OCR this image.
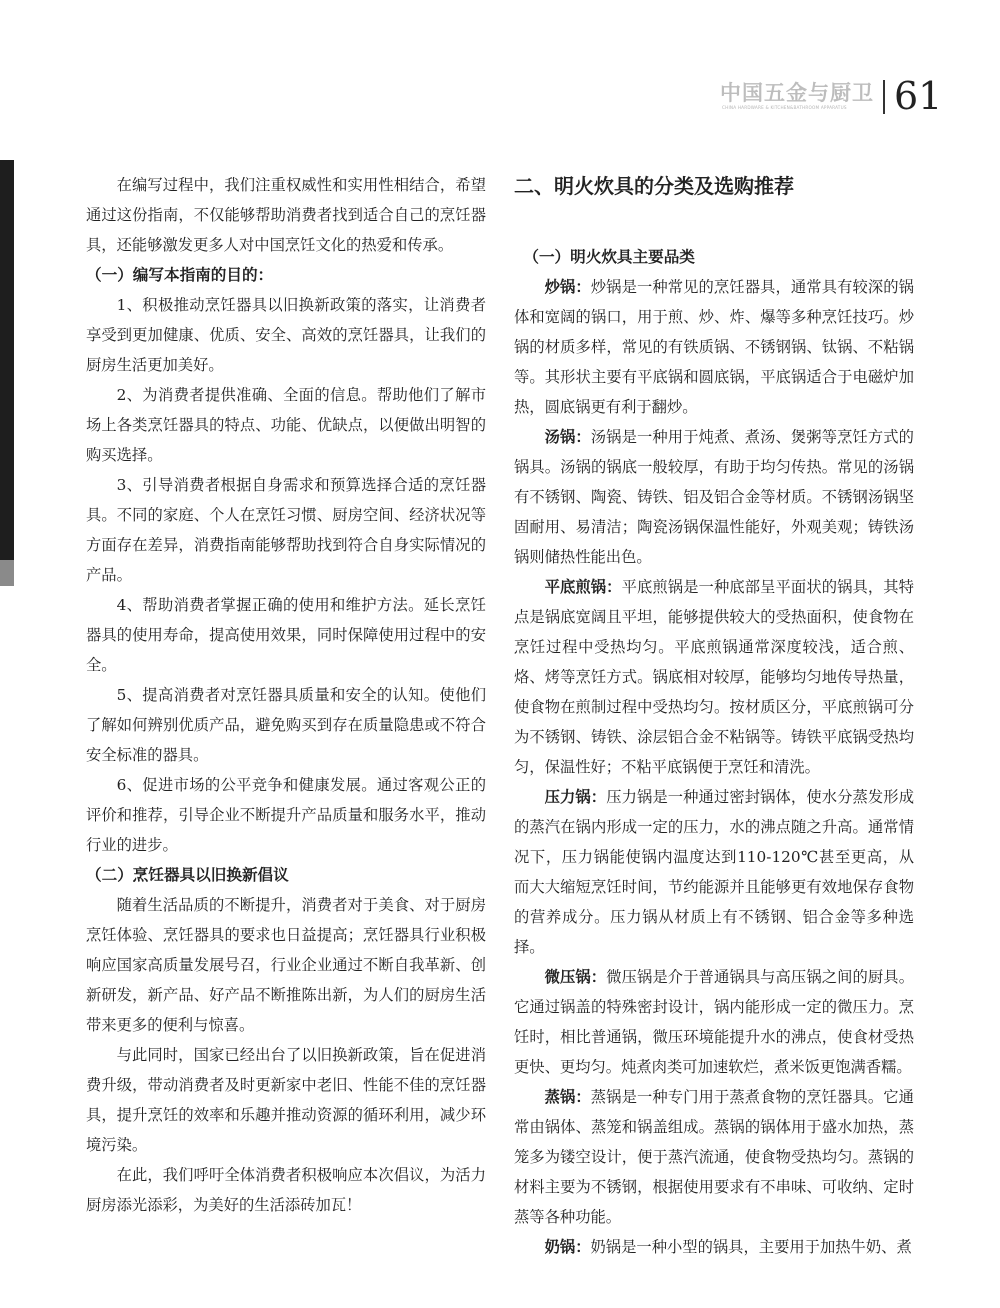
中国五金与厨卫
CHINA HARDWARE & KITCHEN&BATHROOM APPARATUS 61

在编写过程中，我们注重权威性和实用性相结合，希望通过这份指南，不仅能够帮助消费者找到适合自己的烹饪器具，还能够激发更多人对中国烹饪文化的热爱和传承。

（一）编写本指南的目的：

1、积极推动烹饪器具以旧换新政策的落实，让消费者享受到更加健康、优质、安全、高效的烹饪器具，让我们的厨房生活更加美好。

2、为消费者提供准确、全面的信息。帮助他们了解市场上各类烹饪器具的特点、功能、优缺点，以便做出明智的购买选择。

3、引导消费者根据自身需求和预算选择合适的烹饪器具。不同的家庭、个人在烹饪习惯、厨房空间、经济状况等方面存在差异，消费指南能够帮助找到符合自身实际情况的产品。

4、帮助消费者掌握正确的使用和维护方法。延长烹饪器具的使用寿命，提高使用效果，同时保障使用过程中的安全。

5、提高消费者对烹饪器具质量和安全的认知。使他们了解如何辨别优质产品，避免购买到存在质量隐患或不符合安全标准的器具。

6、促进市场的公平竞争和健康发展。通过客观公正的评价和推荐，引导企业不断提升产品质量和服务水平，推动行业的进步。

（二）烹饪器具以旧换新倡议

随着生活品质的不断提升，消费者对于美食、对于厨房烹饪体验、烹饪器具的要求也日益提高；烹饪器具行业积极响应国家高质量发展号召，行业企业通过不断自我革新、创新研发，新产品、好产品不断推陈出新，为人们的厨房生活带来更多的便利与惊喜。

与此同时，国家已经出台了以旧换新政策，旨在促进消费升级，带动消费者及时更新家中老旧、性能不佳的烹饪器具，提升烹饪的效率和乐趣并推动资源的循环利用，减少环境污染。

在此，我们呼吁全体消费者积极响应本次倡议，为活力厨房添光添彩，为美好的生活添砖加瓦！

二、明火炊具的分类及选购推荐
（一）明火炊具主要品类

炒锅：炒锅是一种常见的烹饪器具，通常具有较深的锅体和宽阔的锅口，用于煎、炒、炸、爆等多种烹饪技巧。炒锅的材质多样，常见的有铁质锅、不锈钢锅、钛锅、不粘锅等。其形状主要有平底锅和圆底锅，平底锅适合于电磁炉加热，圆底锅更有利于翻炒。

汤锅：汤锅是一种用于炖煮、煮汤、煲粥等烹饪方式的锅具。汤锅的锅底一般较厚，有助于均匀传热。常见的汤锅有不锈钢、陶瓷、铸铁、铝及铝合金等材质。不锈钢汤锅坚固耐用、易清洁；陶瓷汤锅保温性能好，外观美观；铸铁汤锅则储热性能出色。

平底煎锅：平底煎锅是一种底部呈平面状的锅具，其特点是锅底宽阔且平坦，能够提供较大的受热面积，使食物在烹饪过程中受热均匀。平底煎锅通常深度较浅，适合煎、烙、烤等烹饪方式。锅底相对较厚，能够均匀地传导热量，使食物在煎制过程中受热均匀。按材质区分，平底煎锅可分为不锈钢、铸铁、涂层铝合金不粘锅等。铸铁平底锅受热均匀，保温性好；不粘平底锅便于烹饪和清洗。

压力锅：压力锅是一种通过密封锅体，使水分蒸发形成的蒸汽在锅内形成一定的压力，水的沸点随之升高。通常情况下，压力锅能使锅内温度达到110-120℃甚至更高，从而大大缩短烹饪时间，节约能源并且能够更有效地保存食物的营养成分。压力锅从材质上有不锈钢、铝合金等多种选择。

微压锅：微压锅是介于普通锅具与高压锅之间的厨具。它通过锅盖的特殊密封设计，锅内能形成一定的微压力。烹饪时，相比普通锅，微压环境能提升水的沸点，使食材受热更快、更均匀。炖煮肉类可加速软烂，煮米饭更饱满香糯。

蒸锅：蒸锅是一种专门用于蒸煮食物的烹饪器具。它通常由锅体、蒸笼和锅盖组成。蒸锅的锅体用于盛水加热，蒸笼多为镂空设计，便于蒸汽流通，使食物受热均匀。蒸锅的材料主要为不锈钢，根据使用要求有不串味、可收纳、定时蒸等各种功能。

奶锅：奶锅是一种小型的锅具，主要用于加热牛奶、煮
